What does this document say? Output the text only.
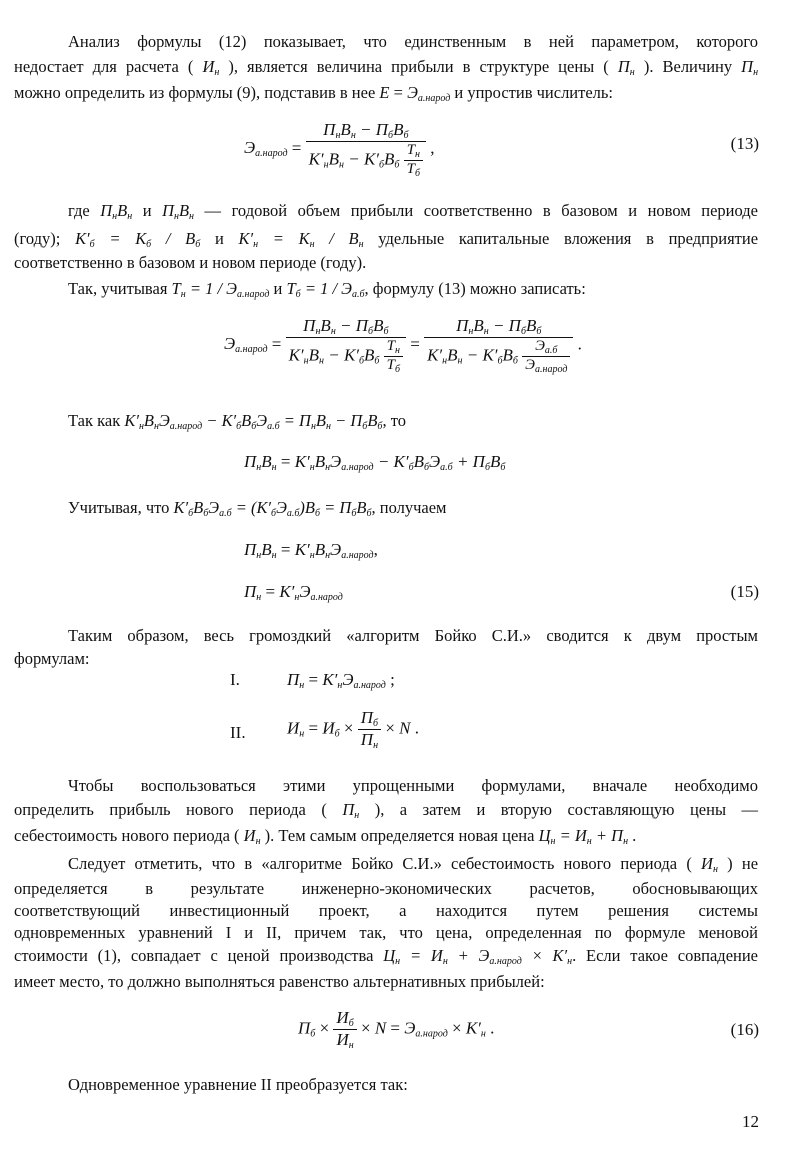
Анализ формулы (12) показывает, что единственным в ней параметром, которого
недостает для расчета ( $И_н$ ), является величина прибыли в структуре цены ( $П_н$ ). Величину $П_н$
можно определить из формулы (9), подставив в нее $Е = Э_{а.народ}$ и упростив числитель:
$Э_{а.народ} = \frac{П_нВ_н - П_бВ_б}{К'_нВ_н - К'_бВ_б \frac{Т_н}{Т_б}}$ ,	(13)
где $П_нВ_н$ и $П_нВ_н$ — годовой объем прибыли соответственно в базовом и новом периоде
(году); $К'_б = К_б / В_б$ и $К'_н = К_н / В_н$ удельные капитальные вложения в предприятие
соответственно в базовом и новом периоде (году).
Так, учитывая $Т_н = 1 / Э_{а.народ}$ и $Т_б = 1 / Э_{а.б}$, формулу (13) можно записать:
$Э_{а.народ} = \frac{П_нВ_н - П_бВ_б}{К'_нВ_н - К'_бВ_б \frac{Т_н}{Т_б}} = \frac{П_нВ_н - П_бВ_б}{К'_нВ_н - К'_бВ_б \frac{Э_{а.б}}{Э_{а.народ}}}$ .
Так как $К'_нВ_нЭ_{а.народ} - К'_бВ_бЭ_{а.б} = П_нВ_н - П_бВ_б$, то
$П_нВ_н = К'_нВ_нЭ_{а.народ} - К'_бВ_бЭ_{а.б} + П_бВ_б$
Учитывая, что $К'_бВ_бЭ_{а.б} = (К'_бЭ_{а.б})В_б = П_бВ_б$, получаем
$П_нВ_н = К'_нВ_нЭ_{а.народ}$,
$П_н = К'_нЭ_{а.народ}$	(15)
Таким образом, весь громоздкий «алгоритм Бойко С.И.» сводится к двум простым
формулам:
I.	$П_н = К'_нЭ_{а.народ}$ ;
II. $И_н = И_б \times \frac{П_б}{П_н} \times N$ .
Чтобы воспользоваться этими упрощенными формулами, вначале необходимо
определить прибыль нового периода ( $П_н$ ), а затем и вторую составляющую цены —
себестоимость нового периода ( $И_н$ ). Тем самым определяется новая цена $Ц_н = И_н + П_н$ .
Следует отметить, что в «алгоритме Бойко С.И.» себестоимость нового периода ( $И_н$ ) не
определяется в результате инженерно-экономических расчетов, обосновывающих
соответствующий инвестиционный проект, а находится путем решения системы
одновременных уравнений I и II, причем так, что цена, определенная по формуле меновой
стоимости (1), совпадает с ценой производства $Ц_н = И_н + Э_{а.народ} \times К'_н$. Если такое совпадение
имеет место, то должно выполняться равенство альтернативных прибылей:
$П_б \times \frac{И_б}{И_н} \times N = Э_{а.народ} \times К'_н$ .	(16)
Одновременное уравнение II преобразуется так:
12
